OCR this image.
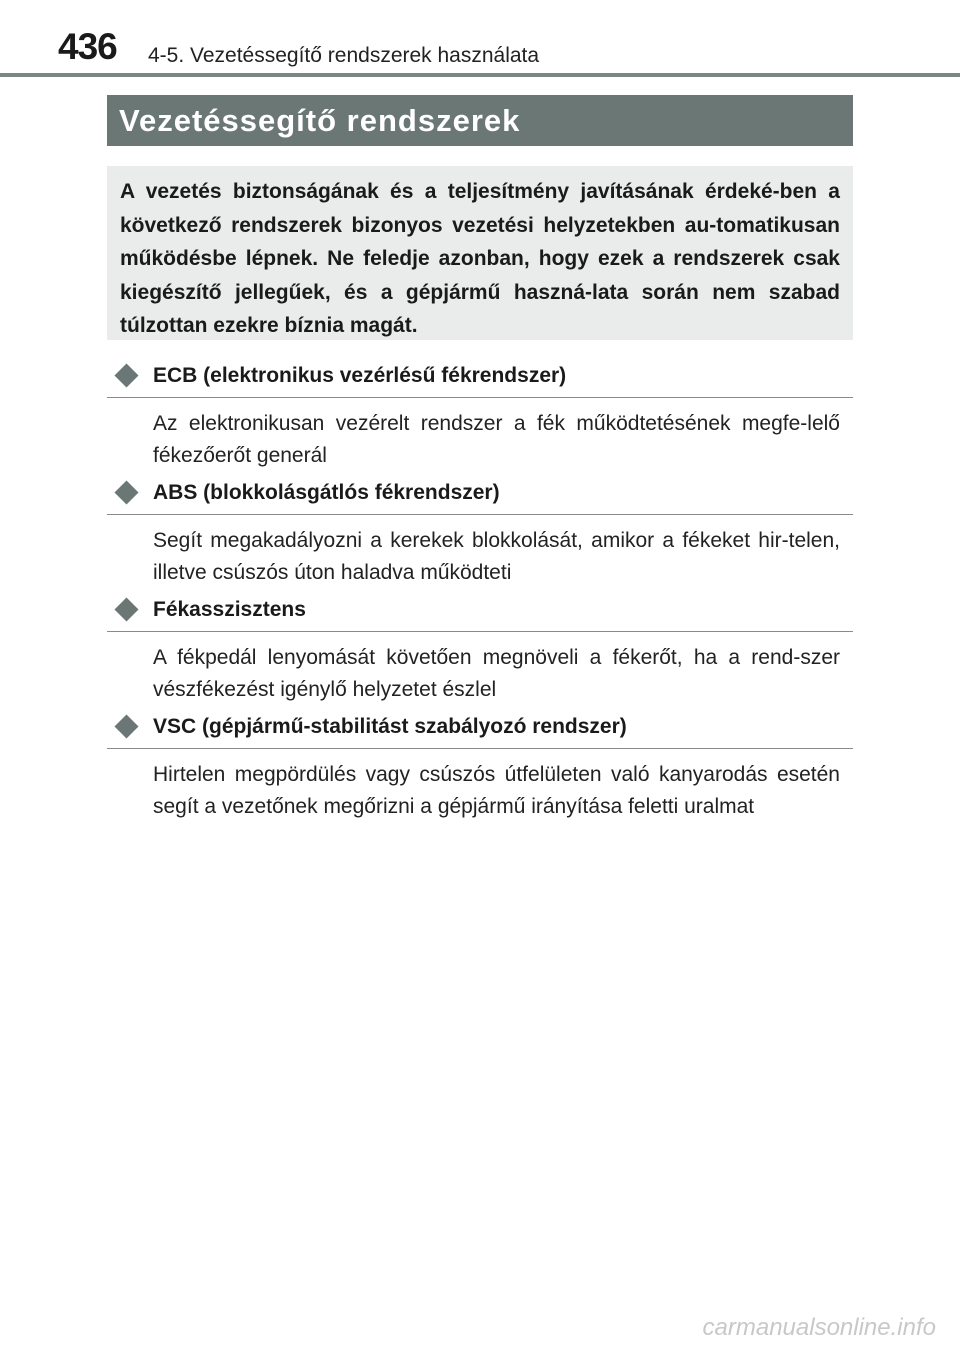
436 4-5. Vezetéssegítő rendszerek használata
Vezetéssegítő rendszerek
A vezetés biztonságának és a teljesítmény javításának érdeké-ben a következő rendszerek bizonyos vezetési helyzetekben au-tomatikusan működésbe lépnek. Ne feledje azonban, hogy ezek a rendszerek csak kiegészítő jellegűek, és a gépjármű haszná-lata során nem szabad túlzottan ezekre bíznia magát.
ECB (elektronikus vezérlésű fékrendszer)
Az elektronikusan vezérelt rendszer a fék működtetésének megfe-lelő fékezőerőt generál
ABS (blokkolásgátlós fékrendszer)
Segít megakadályozni a kerekek blokkolását, amikor a fékeket hir-telen, illetve csúszós úton haladva működteti
Fékasszisztens
A fékpedál lenyomását követően megnöveli a fékerőt, ha a rend-szer vészfékezést igénylő helyzetet észlel
VSC (gépjármű-stabilitást szabályozó rendszer)
Hirtelen megpördülés vagy csúszós útfelületen való kanyarodás esetén segít a vezetőnek megőrizni a gépjármű irányítása feletti uralmat
carmanualsonline.info
